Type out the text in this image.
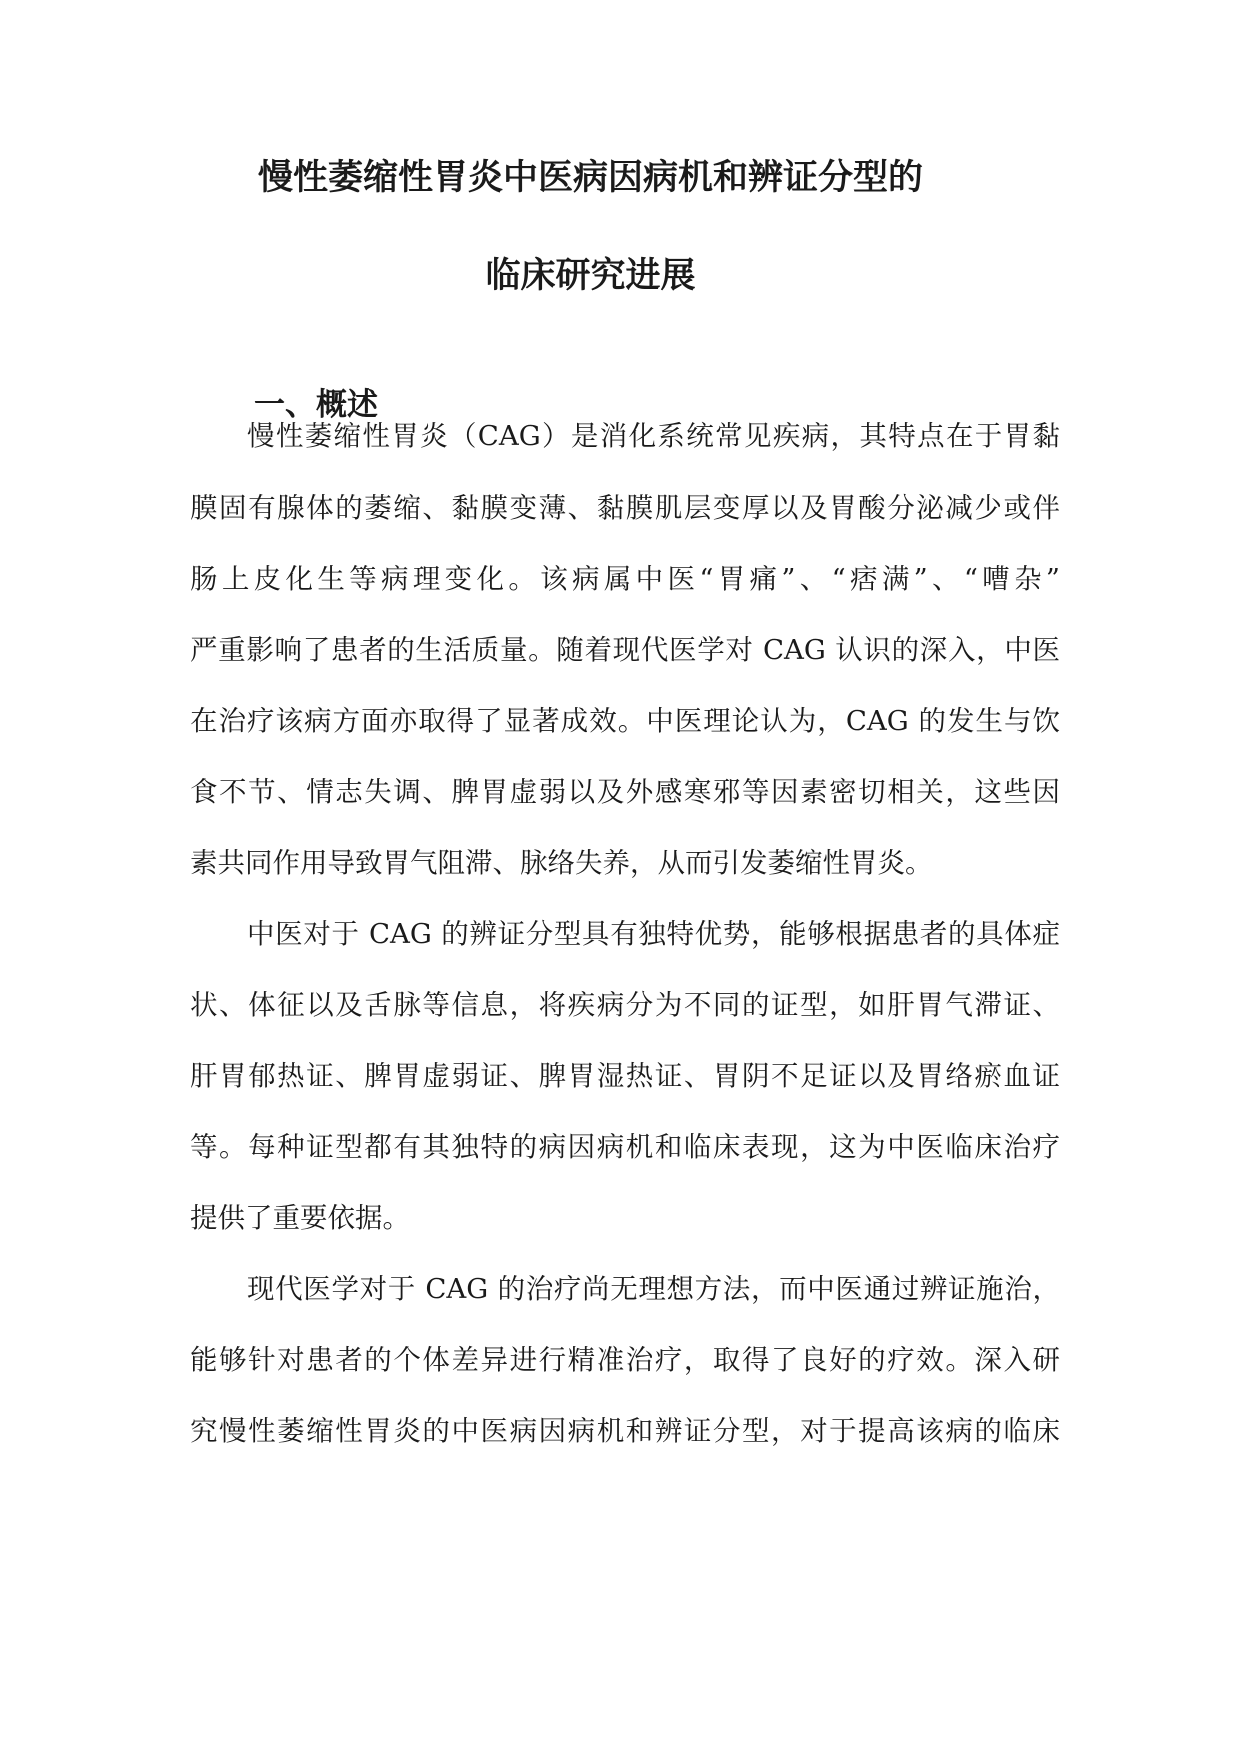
慢性萎缩性胃炎中医病因病机和辨证分型的
临床研究进展
一、概述
慢性萎缩性胃炎（CAG）是消化系统常见疾病，其特点在于胃黏
膜固有腺体的萎缩、黏膜变薄、黏膜肌层变厚以及胃酸分泌减少或伴
肠上皮化生等病理变化。该病属中医“胃痛”、“痞满”、“嘈杂”
严重影响了患者的生活质量。随着现代医学对 CAG 认识的深入，中医
在治疗该病方面亦取得了显著成效。中医理论认为，CAG 的发生与饮
食不节、情志失调、脾胃虚弱以及外感寒邪等因素密切相关，这些因
素共同作用导致胃气阻滞、脉络失养，从而引发萎缩性胃炎。
中医对于 CAG 的辨证分型具有独特优势，能够根据患者的具体症
状、体征以及舌脉等信息，将疾病分为不同的证型，如肝胃气滞证、
肝胃郁热证、脾胃虚弱证、脾胃湿热证、胃阴不足证以及胃络瘀血证
等。每种证型都有其独特的病因病机和临床表现，这为中医临床治疗
提供了重要依据。
现代医学对于 CAG 的治疗尚无理想方法，而中医通过辨证施治，
能够针对患者的个体差异进行精准治疗，取得了良好的疗效。深入研
究慢性萎缩性胃炎的中医病因病机和辨证分型，对于提高该病的临床
